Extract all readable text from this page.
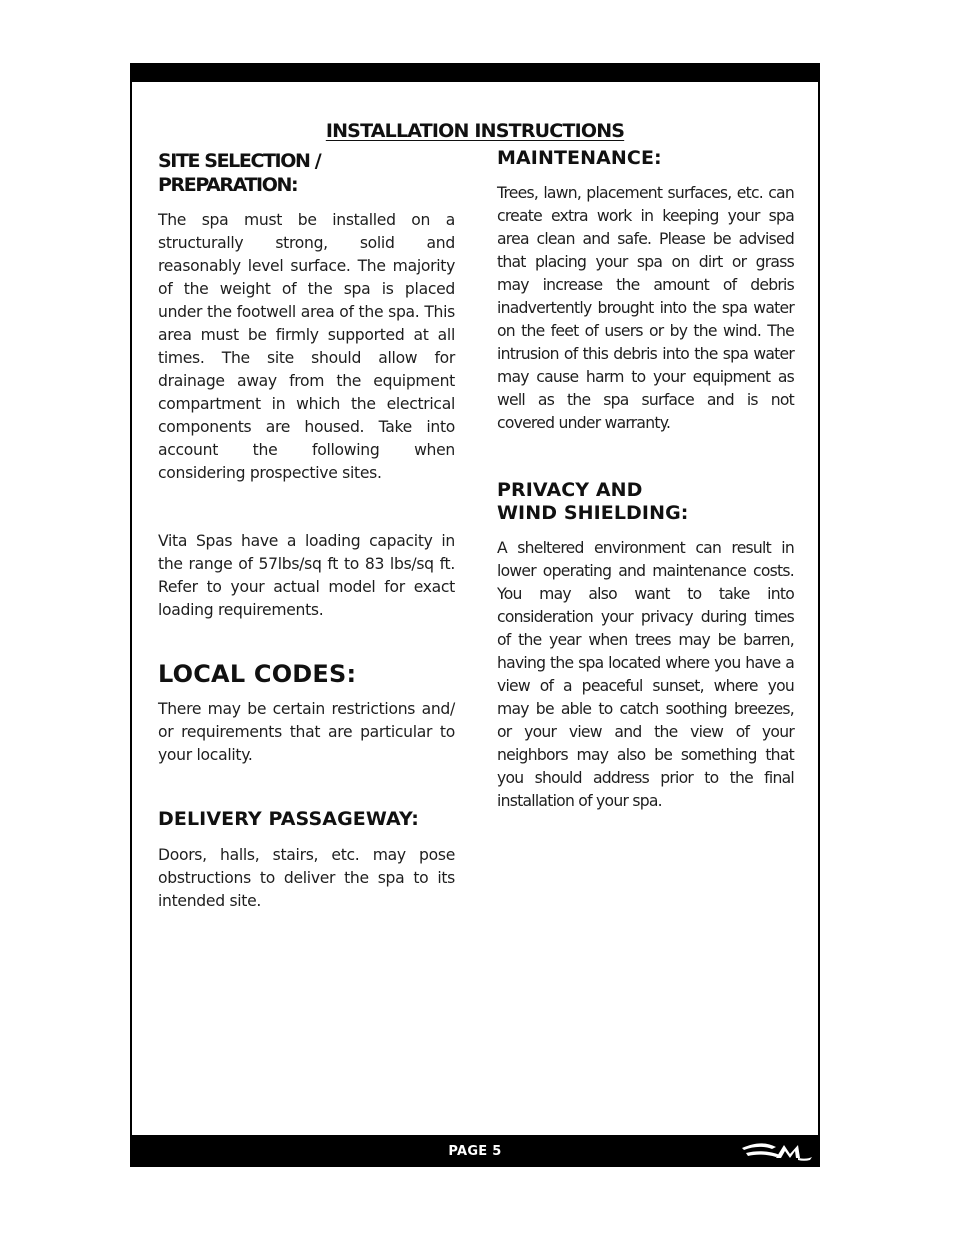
INSTALLATION INSTRUCTIONS
SITE SELECTION / PREPARATION:

The spa must be installed on a structurally strong, solid and reasonably level surface. The majority of the weight of the spa is placed under the footwell area of the spa. This area must be firmly supported at all times. The site should allow for drainage away from the equipment compartment in which the electrical components are housed. Take into account the following when considering prospective sites.

Vita Spas have a loading capacity in the range of 57lbs/sq ft to 83 lbs/sq ft. Refer to your actual model for exact loading requirements.

LOCAL CODES:

There may be certain restrictions and/ or requirements that are particular to your locality.

DELIVERY PASSAGEWAY:

Doors, halls, stairs, etc. may pose obstructions to deliver the spa to its intended site.

MAINTENANCE:

Trees, lawn, placement surfaces, etc. can create extra work in keeping your spa area clean and safe. Please be advised that placing your spa on dirt or grass may increase the amount of debris inadvertently brought into the spa water on the feet of users or by the wind. The intrusion of this debris into the spa water may cause harm to your equipment as well as the spa surface and is not covered under warranty.

PRIVACY AND
WIND SHIELDING:

A sheltered environment can result in lower operating and maintenance costs. You may also want to take into consideration your privacy during times of the year when trees may be barren, having the spa located where you have a view of a peaceful sunset, where you may be able to catch soothing breezes, or your view and the view of your neighbors may also be something that you should address prior to the final installation of your spa.

PAGE 5
